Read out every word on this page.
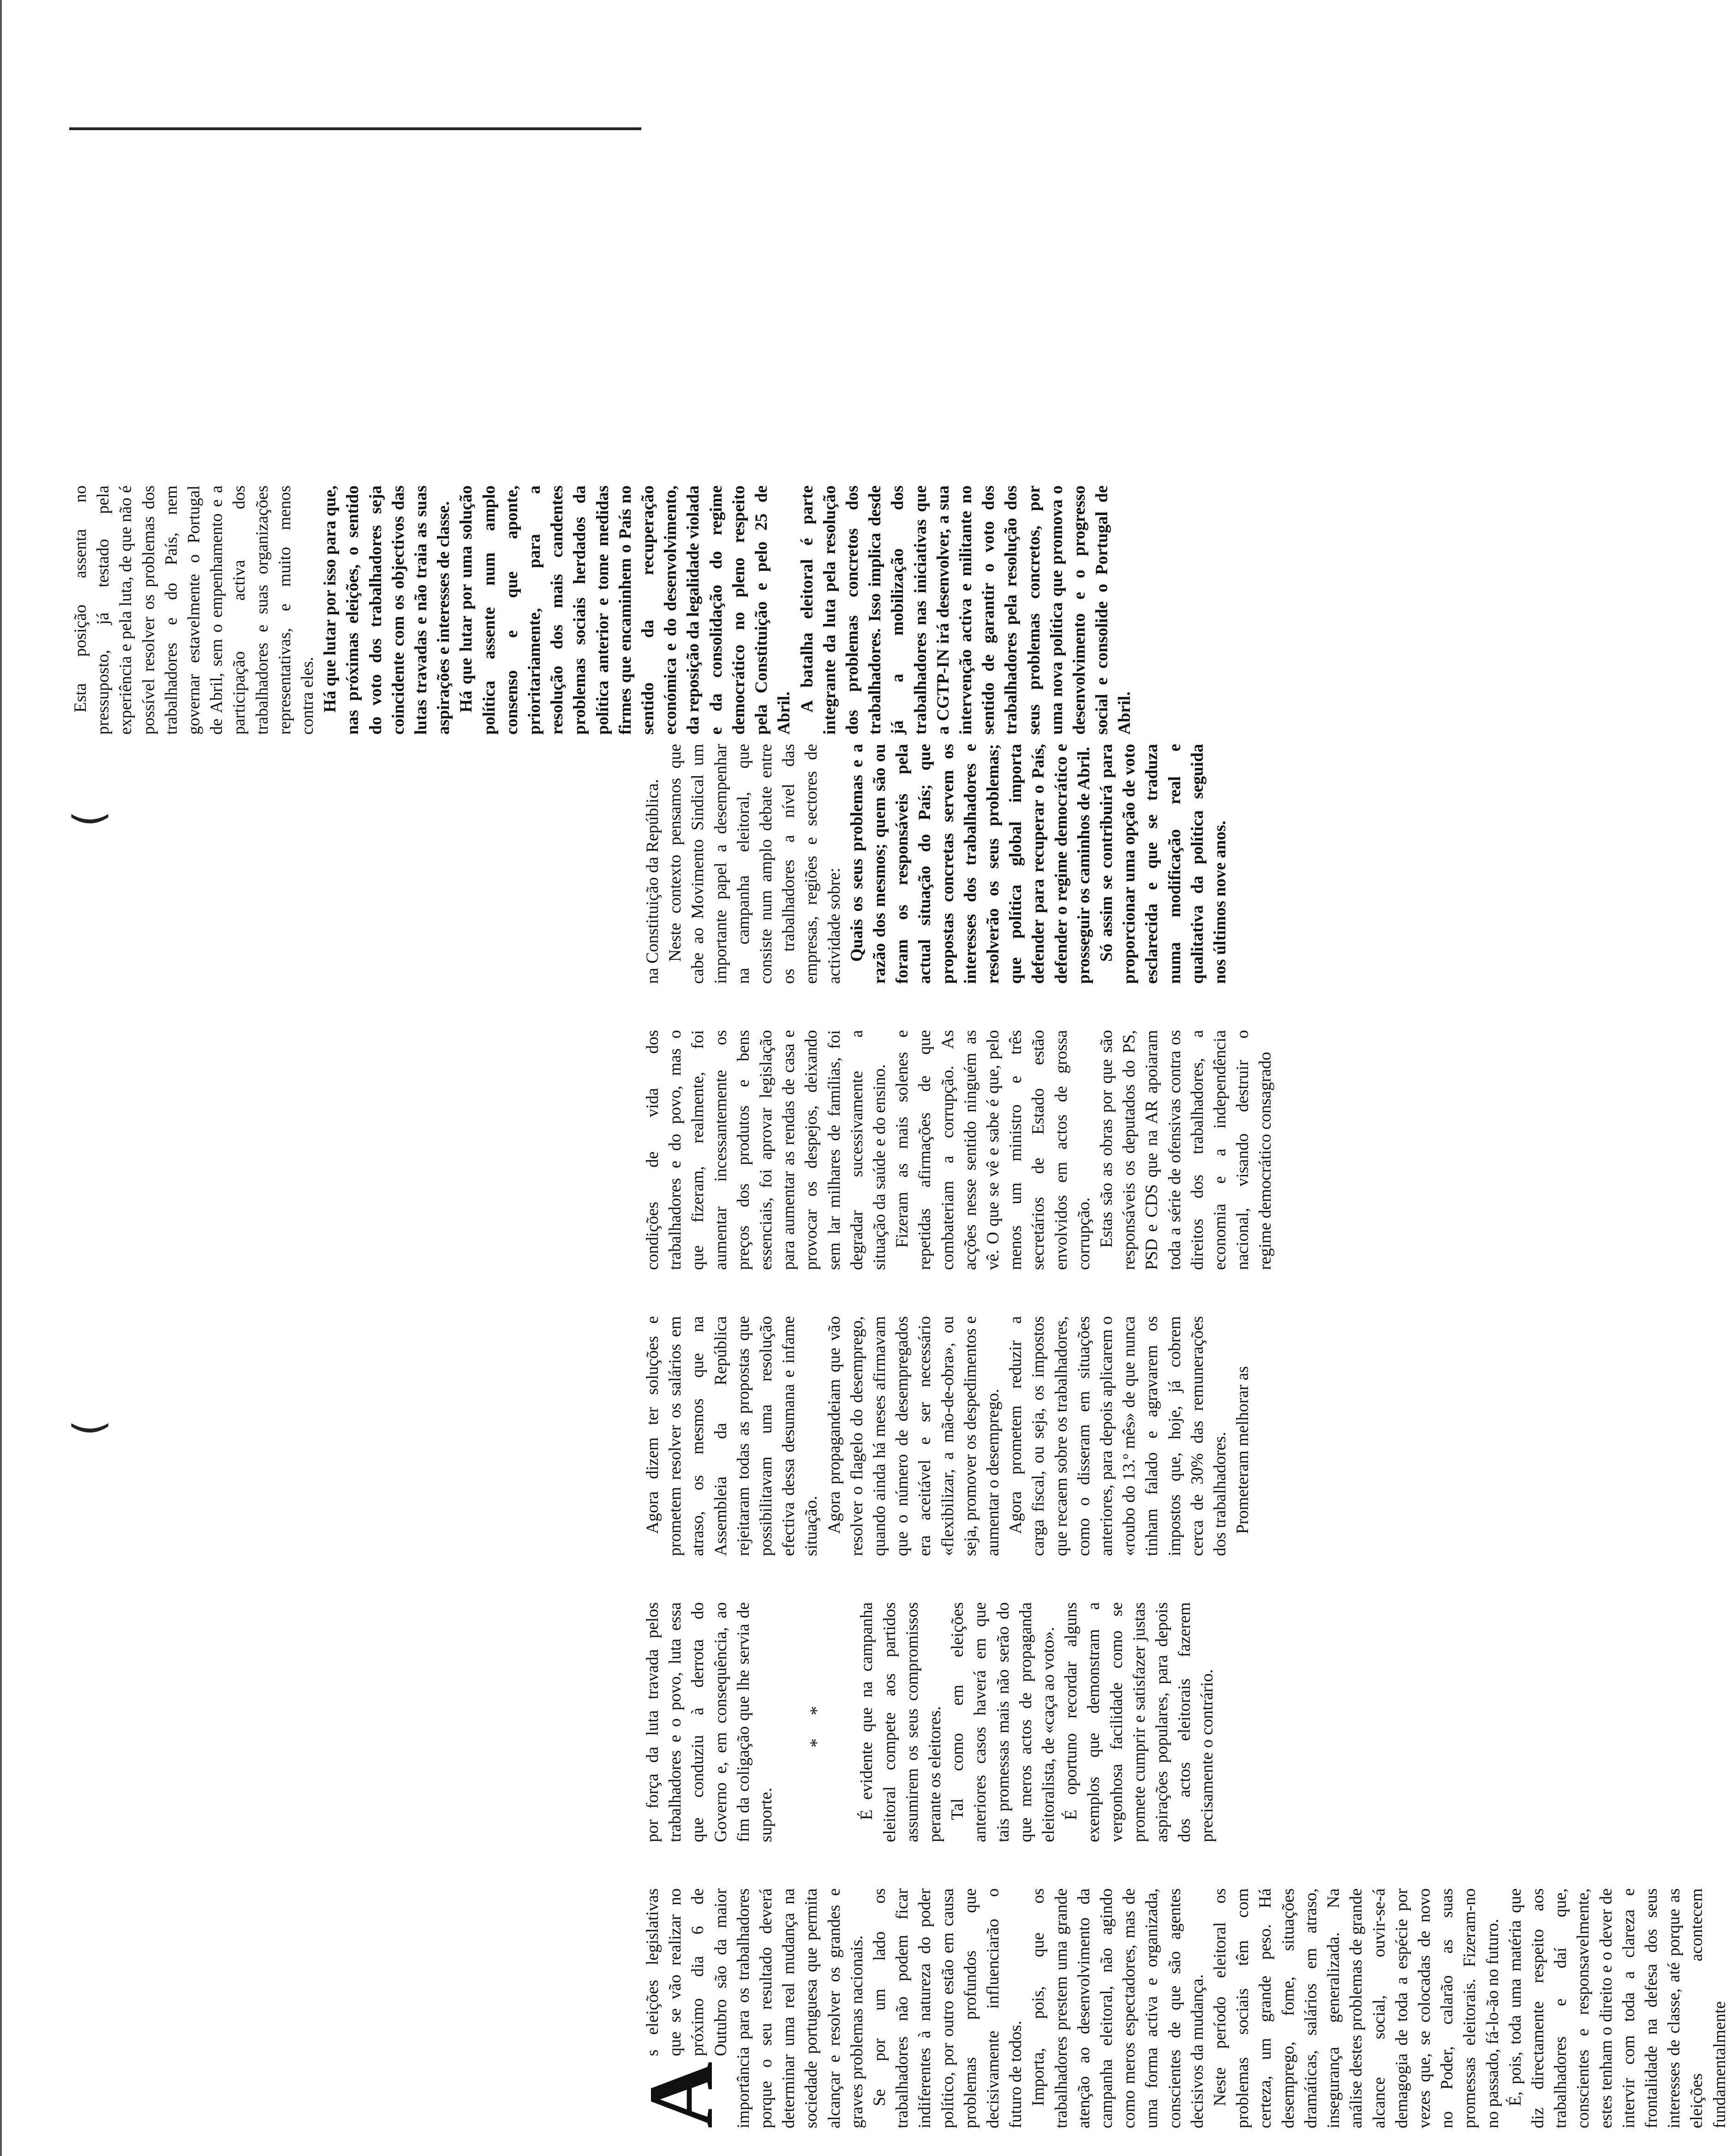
(
(

A
s eleições legislativas que se vão realizar no próximo dia 6 de Outubro são da maior importância para os trabalhadores porque o seu resultado deverá determinar uma real mudança na sociedade portuguesa que permita alcançar e resolver os grandes e graves problemas nacionais. Se por um lado os trabalhadores não podem ficar indiferentes à natureza do poder político, por outro estão em causa problemas profundos que decisivamente influenciarão o futuro de todos. Importa, pois, que os trabalhadores prestem uma grande atenção ao desenvolvimento da campanha eleitoral, não agindo como meros espectadores, mas de uma forma activa e organizada, conscientes de que são agentes decisivos da mudança. Neste período eleitoral os problemas sociais têm com certeza, um grande peso. Há desemprego, fome, situações dramáticas, salários em atraso, insegurança generalizada. Na análise destes problemas de grande alcance social, ouvir-se-á demagogia de toda a espécie por vezes que, se colocadas de novo no Poder, calarão as suas promessas eleitorais. Fizeram-no no passado, fá-lo-ão no futuro. É, pois, toda uma matéria que diz directamente respeito aos trabalhadores e daí que, conscientes e responsavelmente, estes tenham o direito e o dever de intervir com toda a clareza e frontalidade na defesa dos seus interesses de classe, até porque as eleições acontecem fundamentalmente

por força da luta travada pelos trabalhadores e o povo, luta essa que conduziu à derrota do Governo e, em consequência, ao fim da coligação que lhe servia de suporte.

* * É evidente que na campanha eleitoral compete aos partidos assumirem os seus compromissos perante os eleitores. Tal como em eleições anteriores casos haverá em que tais promessas mais não serão do que meros actos de propaganda eleitoralista, de «caça ao voto». É oportuno recordar alguns exemplos que demonstram a vergonhosa facilidade como se promete cumprir e satisfazer justas aspirações populares, para depois dos actos eleitorais fazerem precisamente o contrário.

Agora dizem ter soluções e prometem resolver os salários em atraso, os mesmos que na Assembleia da República rejeitaram todas as propostas que possibilitavam uma resolução efectiva dessa desumana e infame situação. Agora propagandeiam que vão resolver o flagelo do desemprego, quando ainda há meses afirmavam que o número de desempregados era aceitável e ser necessário «flexibilizar, a mão-de-obra», ou seja, promover os despedimentos e aumentar o desemprego. Agora prometem reduzir a carga fiscal, ou seja, os impostos que recaem sobre os trabalhadores, como o disseram em situações anteriores, para depois aplicarem o «roubo do 13.º mês» de que nunca tinham falado e agravarem os impostos que, hoje, já cobrem cerca de 30% das remunerações dos trabalhadores. Prometeram melhorar as

condições de vida dos trabalhadores e do povo, mas o que fizeram, realmente, foi aumentar incessantemente os preços dos produtos e bens essenciais, foi aprovar legislação para aumentar as rendas de casa e provocar os despejos, deixando sem lar milhares de famílias, foi degradar sucessivamente a situação da saúde e do ensino. Fizeram as mais solenes e repetidas afirmações de que combateriam a corrupção. As acções nesse sentido ninguém as vê. O que se vê e sabe é que, pelo menos um ministro e três secretários de Estado estão envolvidos em actos de grossa corrupção. Estas são as obras por que são responsáveis os deputados do PS, PSD e CDS que na AR apoiaram toda a série de ofensivas contra os direitos dos trabalhadores, a economia e a independência nacional, visando destruir o regime democrático consagrado

na Constituição da República. Neste contexto pensamos que cabe ao Movimento Sindical um importante papel a desempenhar na campanha eleitoral, que consiste num amplo debate entre os trabalhadores a nível das empresas, regiões e sectores de actividade sobre: Quais os seus problemas e a razão dos mesmos; quem são ou foram os responsáveis pela actual situação do País; que propostas concretas servem os interesses dos trabalhadores e resolverão os seus problemas; que política global importa defender para recuperar o País, defender o regime democrático e prosseguir os caminhos de Abril. Só assim se contribuirá para proporcionar uma opção de voto esclarecida e que se traduza numa modificação real e qualitativa da política seguida nos últimos nove anos.

Esta posição assenta no pressuposto, já testado pela experiência e pela luta, de que não é possível resolver os problemas dos trabalhadores e do País, nem governar estavelmente o Portugal de Abril, sem o empenhamento e a participação activa dos trabalhadores e suas organizações representativas, e muito menos contra eles. Há que lutar por isso para que, nas próximas eleições, o sentido do voto dos trabalhadores seja coincidente com os objectivos das lutas travadas e não traia as suas aspirações e interesses de classe. Há que lutar por uma solução política assente num amplo consenso e que aponte, prioritariamente, para a resolução dos mais candentes problemas sociais herdados da política anterior e tome medidas firmes que encaminhem o País no sentido da recuperação económica e do desenvolvimento, da reposição da legalidade violada e da consolidação do regime democrático no pleno respeito pela Constituição e pelo 25 de Abril.

A batalha eleitoral é parte integrante da luta pela resolução dos problemas concretos dos trabalhadores. Isso implica desde já a mobilização dos trabalhadores nas iniciativas que a CGTP-IN irá desenvolver, a sua intervenção activa e militante no sentido de garantir o voto dos trabalhadores pela resolução dos seus problemas concretos, por uma nova política que promova o desenvolvimento e o progresso social e consolide o Portugal de Abril.
